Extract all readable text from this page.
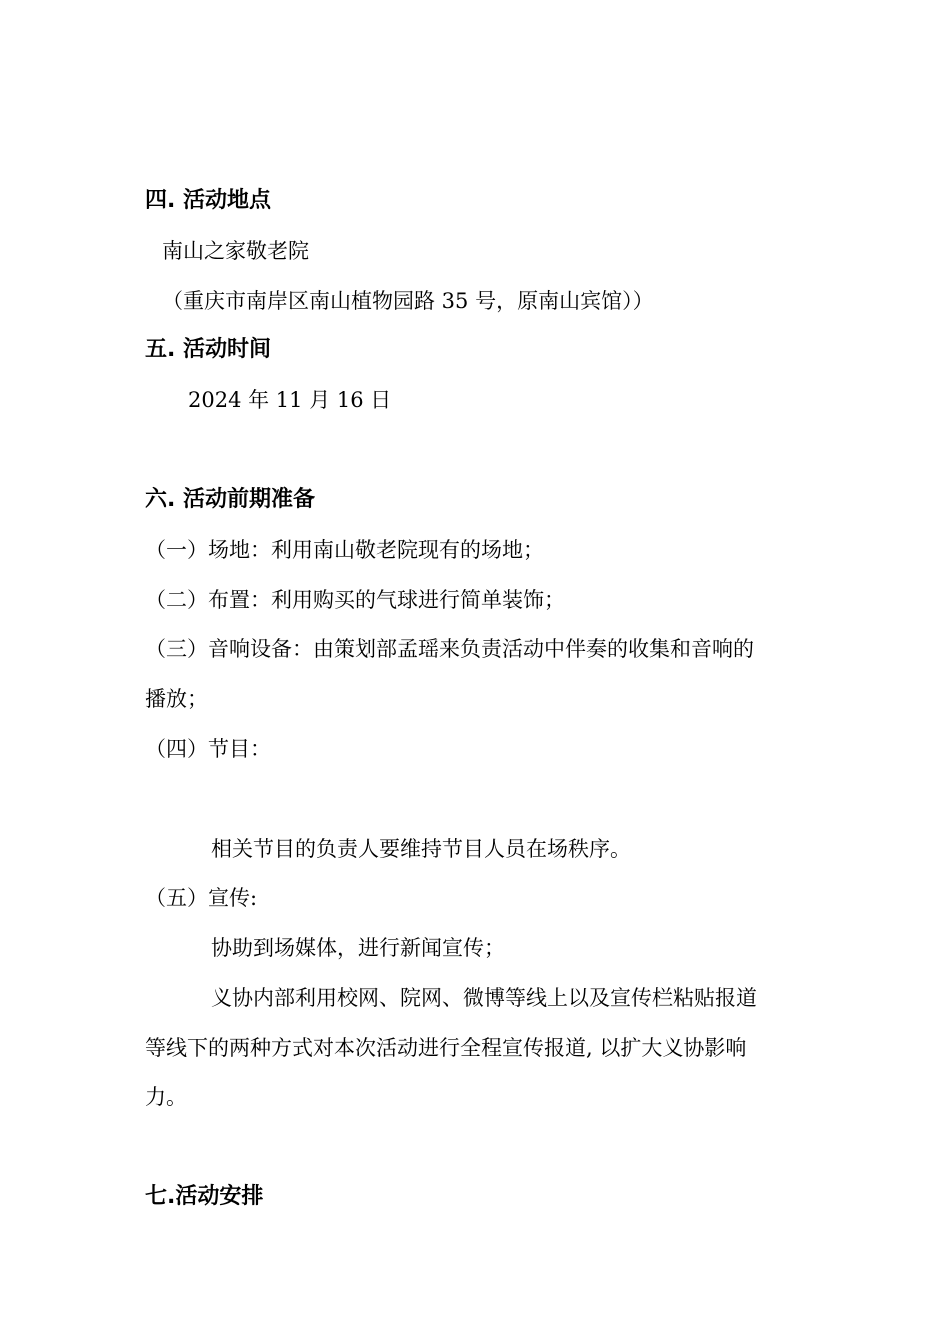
四. 活动地点
南山之家敬老院
（重庆市南岸区南山植物园路 35 号，原南山宾馆））
五. 活动时间
2024 年 11 月 16 日
六. 活动前期准备
（一）场地：利用南山敬老院现有的场地；
（二）布置：利用购买的气球进行简单装饰；
（三）音响设备：由策划部孟瑶来负责活动中伴奏的收集和音响的
播放；
（四）节目：
相关节目的负责人要维持节目人员在场秩序。
（五）宣传:
协助到场媒体，进行新闻宣传；
义协内部利用校网、院网、微博等线上以及宣传栏粘贴报道
等线下的两种方式对本次活动进行全程宣传报道, 以扩大义协影响
力。
七.活动安排
